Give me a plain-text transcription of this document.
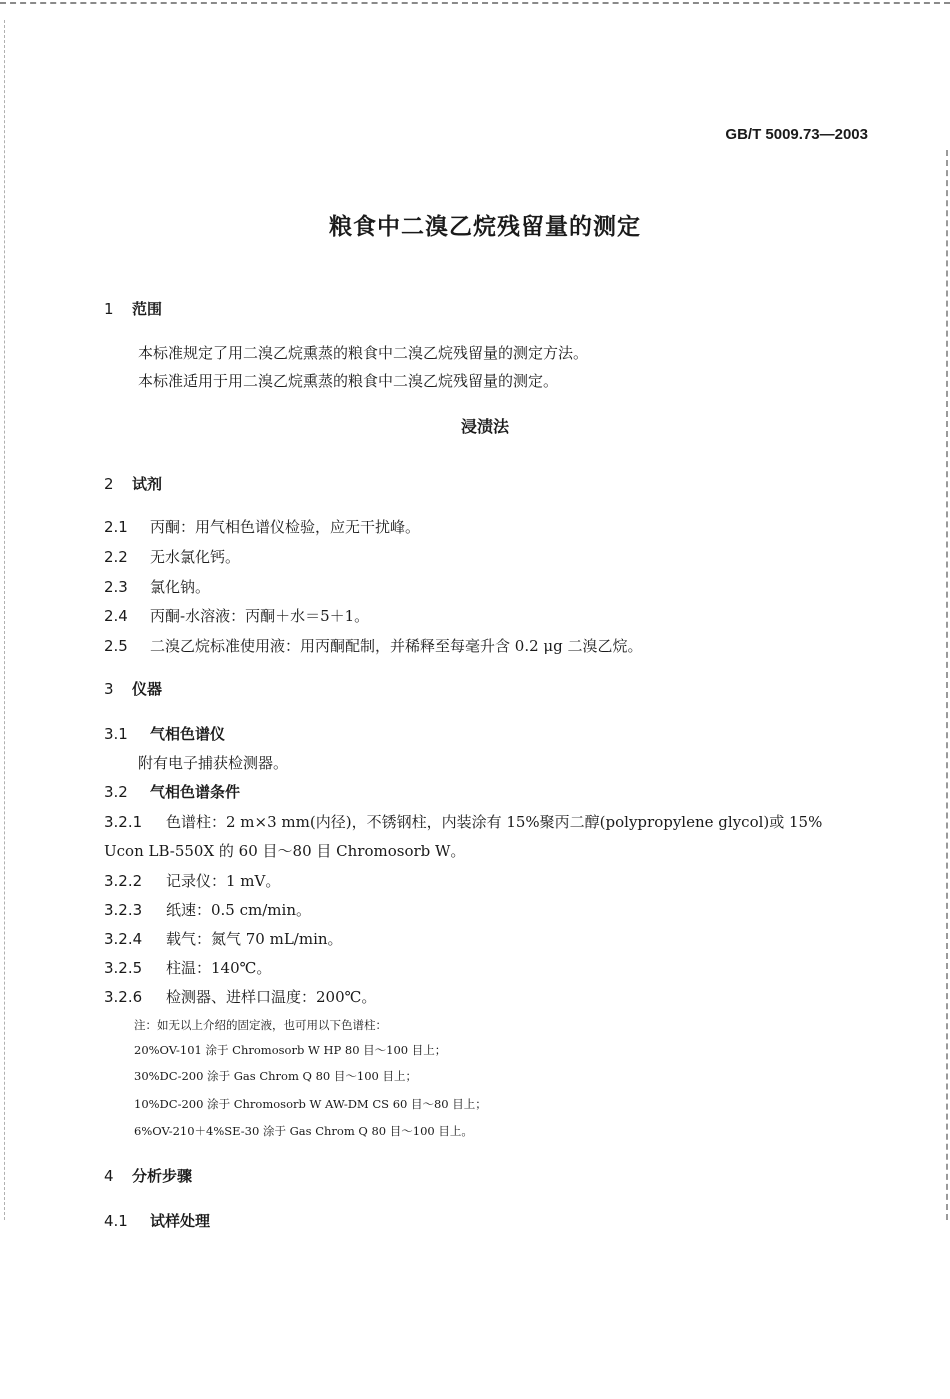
GB/T 5009.73—2003
粮食中二溴乙烷残留量的测定
1 范围
本标准规定了用二溴乙烷熏蒸的粮食中二溴乙烷残留量的测定方法。
本标准适用于用二溴乙烷熏蒸的粮食中二溴乙烷残留量的测定。
浸渍法
2 试剂
2.1 丙酮：用气相色谱仪检验，应无干扰峰。
2.2 无水氯化钙。
2.3 氯化钠。
2.4 丙酮-水溶液：丙酮＋水＝5＋1。
2.5 二溴乙烷标准使用液：用丙酮配制，并稀释至每毫升含 0.2 μg 二溴乙烷。
3 仪器
3.1 气相色谱仪
附有电子捕获检测器。
3.2 气相色谱条件
3.2.1 色谱柱：2 m×3 mm(内径)，不锈钢柱，内装涂有 15%聚丙二醇(polypropylene glycol)或 15%
Ucon LB-550X 的 60 目～80 目 Chromosorb W。
3.2.2 记录仪：1 mV。
3.2.3 纸速：0.5 cm/min。
3.2.4 载气：氮气 70 mL/min。
3.2.5 柱温：140℃。
3.2.6 检测器、进样口温度：200℃。
注：如无以上介绍的固定液，也可用以下色谱柱：
20%OV-101 涂于 Chromosorb W HP 80 目～100 目上；
30%DC-200 涂于 Gas Chrom Q 80 目～100 目上；
10%DC-200 涂于 Chromosorb W AW-DM CS 60 目～80 目上；
6%OV-210＋4%SE-30 涂于 Gas Chrom Q 80 目～100 目上。
4 分析步骤
4.1 试样处理
